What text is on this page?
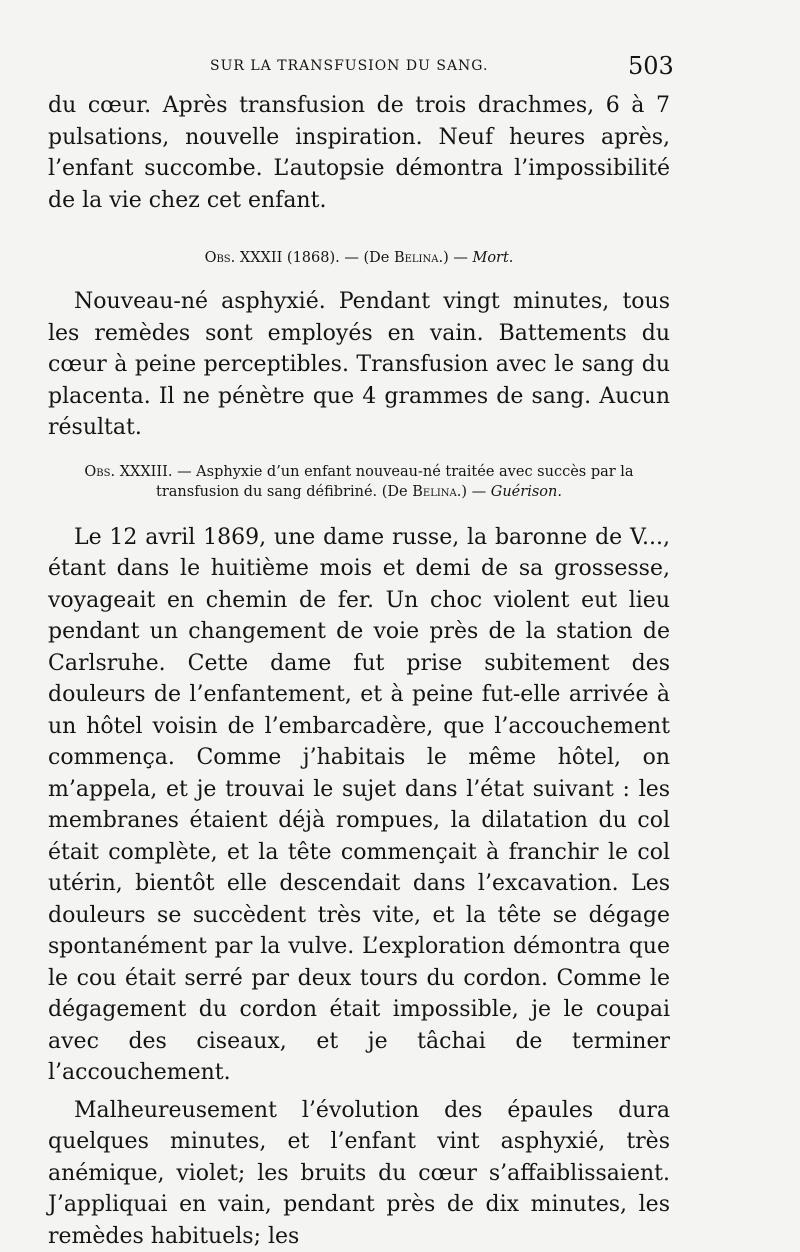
SUR LA TRANSFUSION DU SANG.	503

du cœur. Après transfusion de trois drachmes, 6 à 7 pulsations, nouvelle inspiration. Neuf heures après, l’enfant succombe. L’autopsie démontra l’impossibilité de la vie chez cet enfant.

Obs. XXXII (1868). — (De Belina.) — Mort.

Nouveau-né asphyxié. Pendant vingt minutes, tous les remèdes sont employés en vain. Battements du cœur à peine perceptibles. Transfusion avec le sang du placenta. Il ne pénètre que 4 grammes de sang. Aucun résultat.

Obs. XXXIII. — Asphyxie d’un enfant nouveau-né traitée avec succès par la transfusion du sang défibriné. (De Belina.) — Guérison.

Le 12 avril 1869, une dame russe, la baronne de V..., étant dans le huitième mois et demi de sa grossesse, voyageait en chemin de fer. Un choc violent eut lieu pendant un changement de voie près de la station de Carlsruhe. Cette dame fut prise subitement des douleurs de l’enfantement, et à peine fut-elle arrivée à un hôtel voisin de l’embarcadère, que l’accouchement commença. Comme j’habitais le même hôtel, on m’appela, et je trouvai le sujet dans l’état suivant : les membranes étaient déjà rompues, la dilatation du col était complète, et la tête commençait à franchir le col utérin, bientôt elle descendait dans l’excavation. Les douleurs se succèdent très vite, et la tête se dégage spontanément par la vulve. L’exploration démontra que le cou était serré par deux tours du cordon. Comme le dégagement du cordon était impossible, je le coupai avec des ciseaux, et je tâchai de terminer l’accouchement.

Malheureusement l’évolution des épaules dura quelques minutes, et l’enfant vint asphyxié, très anémique, violet; les bruits du cœur s’affaiblissaient. J’appliquai en vain, pendant près de dix minutes, les remèdes habituels; les
